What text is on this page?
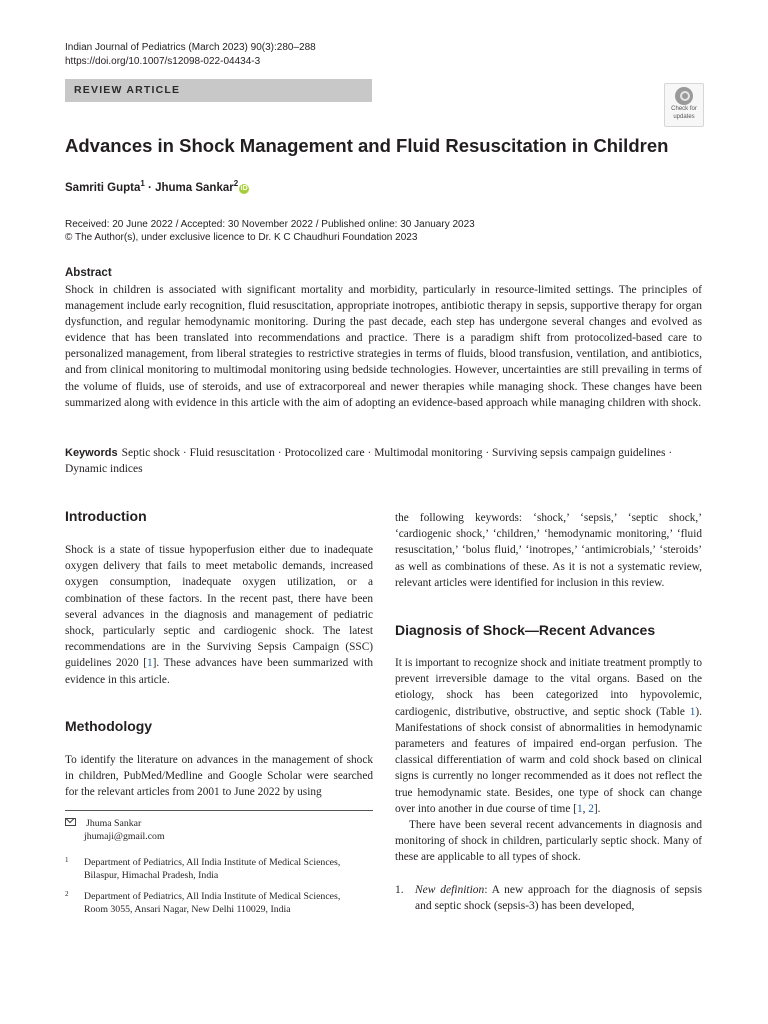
Indian Journal of Pediatrics (March 2023) 90(3):280–288
https://doi.org/10.1007/s12098-022-04434-3
REVIEW ARTICLE
Check for
updates
Advances in Shock Management and Fluid Resuscitation in Children
Samriti Gupta$^1$ · Jhuma Sankar$^2$iD
Received: 20 June 2022 / Accepted: 30 November 2022 / Published online: 30 January 2023
© The Author(s), under exclusive licence to Dr. K C Chaudhuri Foundation 2023
Abstract
Shock in children is associated with significant mortality and morbidity, particularly in resource-limited settings. The principles of management include early recognition, fluid resuscitation, appropriate inotropes, antibiotic therapy in sepsis, supportive therapy for organ dysfunction, and regular hemodynamic monitoring. During the past decade, each step has undergone several changes and evolved as evidence that has been translated into recommendations and practice. There is a paradigm shift from protocolized-based care to personalized management, from liberal strategies to restrictive strategies in terms of fluids, blood transfusion, ventilation, and antibiotics, and from clinical monitoring to multimodal monitoring using bedside technologies. However, uncertainties are still prevailing in terms of the volume of fluids, use of steroids, and use of extracorporeal and newer therapies while managing shock. These changes have been summarized along with evidence in this article with the aim of adopting an evidence-based approach while managing children with shock.
Keywords Septic shock · Fluid resuscitation · Protocolized care · Multimodal monitoring · Surviving sepsis campaign guidelines · Dynamic indices
Introduction
Shock is a state of tissue hypoperfusion either due to inadequate oxygen delivery that fails to meet metabolic demands, increased oxygen consumption, inadequate oxygen utilization, or a combination of these factors. In the recent past, there have been several advances in the diagnosis and management of pediatric shock, particularly septic and cardiogenic shock. The latest recommendations are in the Surviving Sepsis Campaign (SSC) guidelines 2020 [1]. These advances have been summarized with evidence in this article.
Methodology
To identify the literature on advances in the management of shock in children, PubMed/Medline and Google Scholar were searched for the relevant articles from 2001 to June 2022 by using
Jhuma Sankar
jhumaji@gmail.com
1 Department of Pediatrics, All India Institute of Medical Sciences, Bilaspur, Himachal Pradesh, India
2 Department of Pediatrics, All India Institute of Medical Sciences, Room 3055, Ansari Nagar, New Delhi 110029, India
the following keywords: ‘shock,’ ‘sepsis,’ ‘septic shock,’ ‘cardiogenic shock,’ ‘children,’ ‘hemodynamic monitoring,’ ‘fluid resuscitation,’ ‘bolus fluid,’ ‘inotropes,’ ‘antimicrobials,’ ‘steroids’ as well as combinations of these. As it is not a systematic review, relevant articles were identified for inclusion in this review.
Diagnosis of Shock—Recent Advances
It is important to recognize shock and initiate treatment promptly to prevent irreversible damage to the vital organs. Based on the etiology, shock has been categorized into hypovolemic, cardiogenic, distributive, obstructive, and septic shock (Table 1). Manifestations of shock consist of abnormalities in hemodynamic parameters and features of impaired end-organ perfusion. The classical differentiation of warm and cold shock based on clinical signs is currently no longer recommended as it does not reflect the true hemodynamic state. Besides, one type of shock can change over into another in due course of time [1, 2].
There have been several recent advancements in diagnosis and monitoring of shock in children, particularly septic shock. Many of these are applicable to all types of shock.
1. New definition: A new approach for the diagnosis of sepsis and septic shock (sepsis-3) has been developed,
